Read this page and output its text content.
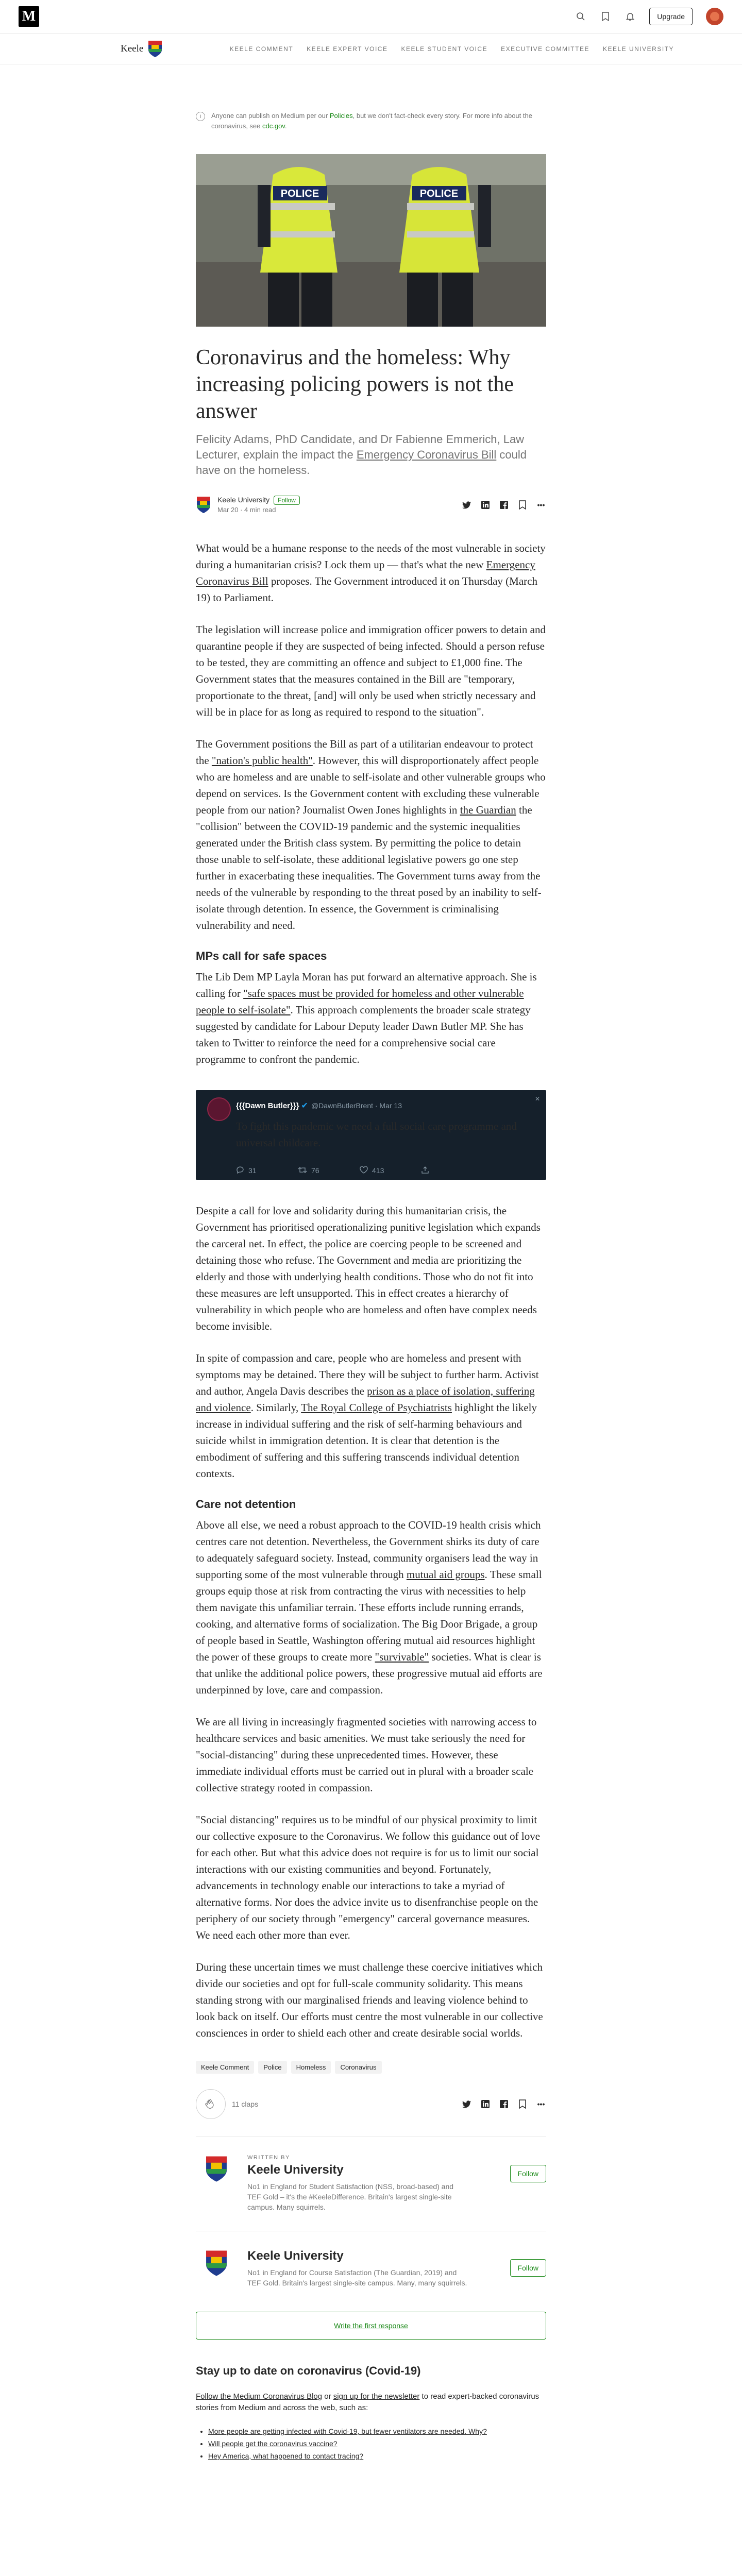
M	Upgrade
Keele	KEELE COMMENT KEELE EXPERT VOICE KEELE STUDENT VOICE EXECUTIVE COMMITTEE KEELE UNIVERSITY
i	Anyone can publish on Medium per our Policies, but we don't fact-check every story. For more info about the coronavirus, see cdc.gov.
POLICE	POLICE
Coronavirus and the homeless: Why increasing policing powers is not the answer

Felicity Adams, PhD Candidate, and Dr Fabienne Emmerich, Law Lecturer, explain the impact the Emergency Coronavirus Bill could have on the homeless.

Keele University Follow
Mar 20 · 4 min read
•••

What would be a humane response to the needs of the most vulnerable in society during a humanitarian crisis? Lock them up — that's what the new Emergency Coronavirus Bill proposes. The Government introduced it on Thursday (March 19) to Parliament.

The legislation will increase police and immigration officer powers to detain and quarantine people if they are suspected of being infected. Should a person refuse to be tested, they are committing an offence and subject to £1,000 fine. The Government states that the measures contained in the Bill are "temporary, proportionate to the threat, [and] will only be used when strictly necessary and will be in place for as long as required to respond to the situation".

The Government positions the Bill as part of a utilitarian endeavour to protect the "nation's public health". However, this will disproportionately affect people who are homeless and are unable to self-isolate and other vulnerable groups who depend on services. Is the Government content with excluding these vulnerable people from our nation? Journalist Owen Jones highlights in the Guardian the "collision" between the COVID-19 pandemic and the systemic inequalities generated under the British class system. By permitting the police to detain those unable to self-isolate, these additional legislative powers go one step further in exacerbating these inequalities. The Government turns away from the needs of the vulnerable by responding to the threat posed by an inability to self-isolate through detention. In essence, the Government is criminalising vulnerability and need.

MPs call for safe spaces

The Lib Dem MP Layla Moran has put forward an alternative approach. She is calling for "safe spaces must be provided for homeless and other vulnerable people to self-isolate". This approach complements the broader scale strategy suggested by candidate for Labour Deputy leader Dawn Butler MP. She has taken to Twitter to reinforce the need for a comprehensive social care programme to confront the pandemic.

✕
{{{Dawn Butler}}} ✔ @DawnButlerBrent · Mar 13

To fight this pandemic we need a full social care programme and universal childcare.

31	76	413

Despite a call for love and solidarity during this humanitarian crisis, the Government has prioritised operationalizing punitive legislation which expands the carceral net. In effect, the police are coercing people to be screened and detaining those who refuse. The Government and media are prioritizing the elderly and those with underlying health conditions. Those who do not fit into these measures are left unsupported. This in effect creates a hierarchy of vulnerability in which people who are homeless and often have complex needs become invisible.

In spite of compassion and care, people who are homeless and present with symptoms may be detained. There they will be subject to further harm. Activist and author, Angela Davis describes the prison as a place of isolation, suffering and violence. Similarly, The Royal College of Psychiatrists highlight the likely increase in individual suffering and the risk of self-harming behaviours and suicide whilst in immigration detention. It is clear that detention is the embodiment of suffering and this suffering transcends individual detention contexts.

Care not detention

Above all else, we need a robust approach to the COVID-19 health crisis which centres care not detention. Nevertheless, the Government shirks its duty of care to adequately safeguard society. Instead, community organisers lead the way in supporting some of the most vulnerable through mutual aid groups. These small groups equip those at risk from contracting the virus with necessities to help them navigate this unfamiliar terrain. These efforts include running errands, cooking, and alternative forms of socialization. The Big Door Brigade, a group of people based in Seattle, Washington offering mutual aid resources highlight the power of these groups to create more "survivable" societies. What is clear is that unlike the additional police powers, these progressive mutual aid efforts are underpinned by love, care and compassion.

We are all living in increasingly fragmented societies with narrowing access to healthcare services and basic amenities. We must take seriously the need for "social-distancing" during these unprecedented times. However, these immediate individual efforts must be carried out in plural with a broader scale collective strategy rooted in compassion.

"Social distancing" requires us to be mindful of our physical proximity to limit our collective exposure to the Coronavirus. We follow this guidance out of love for each other. But what this advice does not require is for us to limit our social interactions with our existing communities and beyond. Fortunately, advancements in technology enable our interactions to take a myriad of alternative forms. Nor does the advice invite us to disenfranchise people on the periphery of our society through "emergency" carceral governance measures. We need each other more than ever.

During these uncertain times we must challenge these coercive initiatives which divide our societies and opt for full-scale community solidarity. This means standing strong with our marginalised friends and leaving violence behind to look back on itself. Our efforts must centre the most vulnerable in our collective consciences in order to shield each other and create desirable social worlds.

Keele Comment	Police	Homeless	Coronavirus
11 claps	•••
WRITTEN BY
Keele University
No1 in England for Student Satisfaction (NSS, broad-based) and TEF Gold – it's the #KeeleDifference. Britain's largest single-site campus. Many squirrels.
Follow
Keele University
No1 in England for Course Satisfaction (The Guardian, 2019) and TEF Gold. Britain's largest single-site campus. Many, many squirrels.
Follow
Write the first response
Stay up to date on coronavirus (Covid-19)

Follow the Medium Coronavirus Blog or sign up for the newsletter to read expert-backed coronavirus stories from Medium and across the web, such as:

• More people are getting infected with Covid-19, but fewer ventilators are needed. Why?
• Will people get the coronavirus vaccine?
• Hey America, what happened to contact tracing?
